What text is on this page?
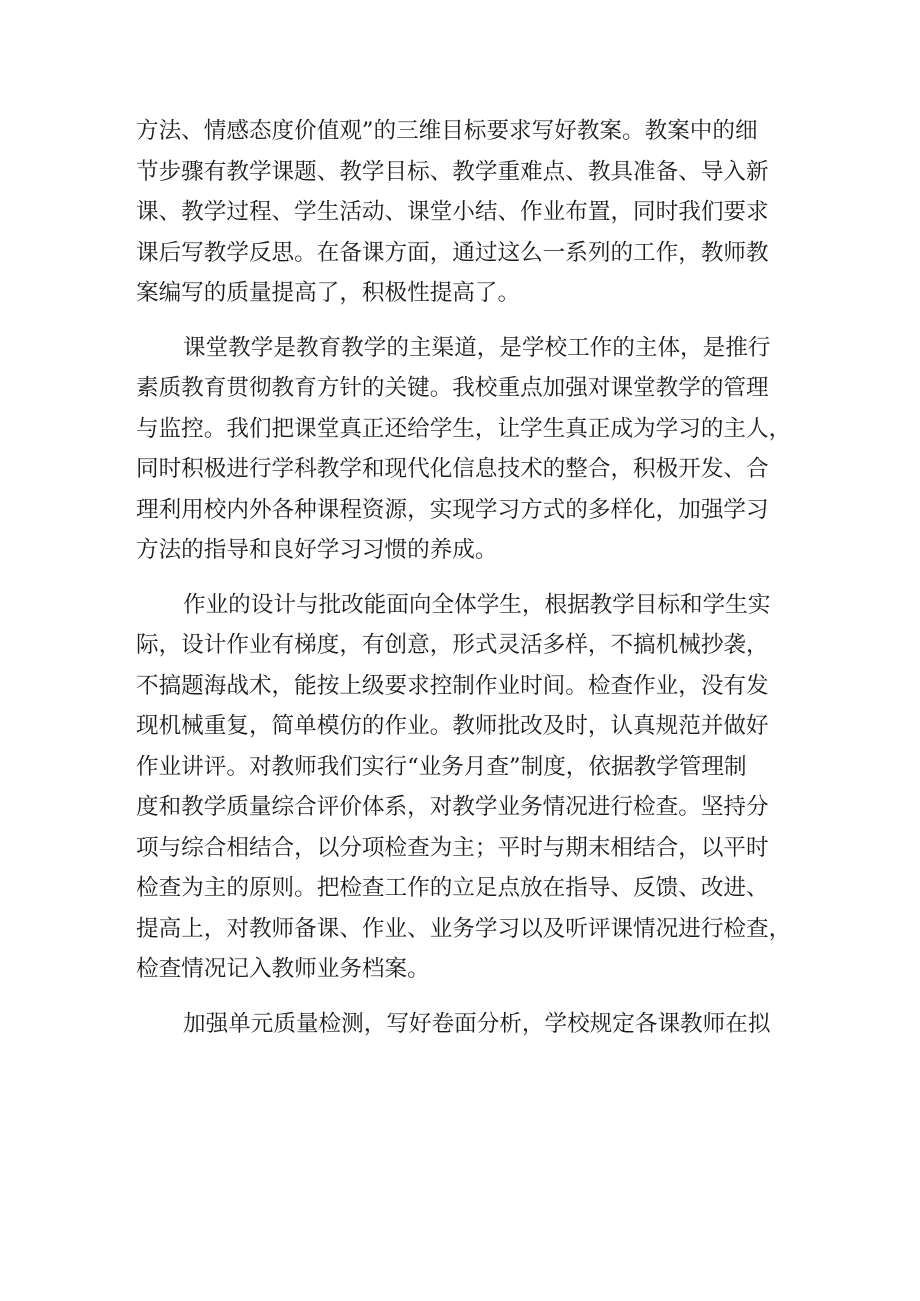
方法、情感态度价值观”的三维目标要求写好教案。教案中的细
节步骤有教学课题、教学目标、教学重难点、教具准备、导入新
课、教学过程、学生活动、课堂小结、作业布置，同时我们要求
课后写教学反思。在备课方面，通过这么一系列的工作，教师教
案编写的质量提高了，积极性提高了。
课堂教学是教育教学的主渠道，是学校工作的主体，是推行
素质教育贯彻教育方针的关键。我校重点加强对课堂教学的管理
与监控。我们把课堂真正还给学生，让学生真正成为学习的主人，
同时积极进行学科教学和现代化信息技术的整合，积极开发、合
理利用校内外各种课程资源，实现学习方式的多样化，加强学习
方法的指导和良好学习习惯的养成。
作业的设计与批改能面向全体学生，根据教学目标和学生实
际，设计作业有梯度，有创意，形式灵活多样，不搞机械抄袭，
不搞题海战术，能按上级要求控制作业时间。检查作业，没有发
现机械重复，简单模仿的作业。教师批改及时，认真规范并做好
作业讲评。对教师我们实行“业务月查”制度，依据教学管理制
度和教学质量综合评价体系，对教学业务情况进行检查。坚持分
项与综合相结合，以分项检查为主；平时与期末相结合，以平时
检查为主的原则。把检查工作的立足点放在指导、反馈、改进、
提高上，对教师备课、作业、业务学习以及听评课情况进行检查，
检查情况记入教师业务档案。
加强单元质量检测，写好卷面分析，学校规定各课教师在拟
